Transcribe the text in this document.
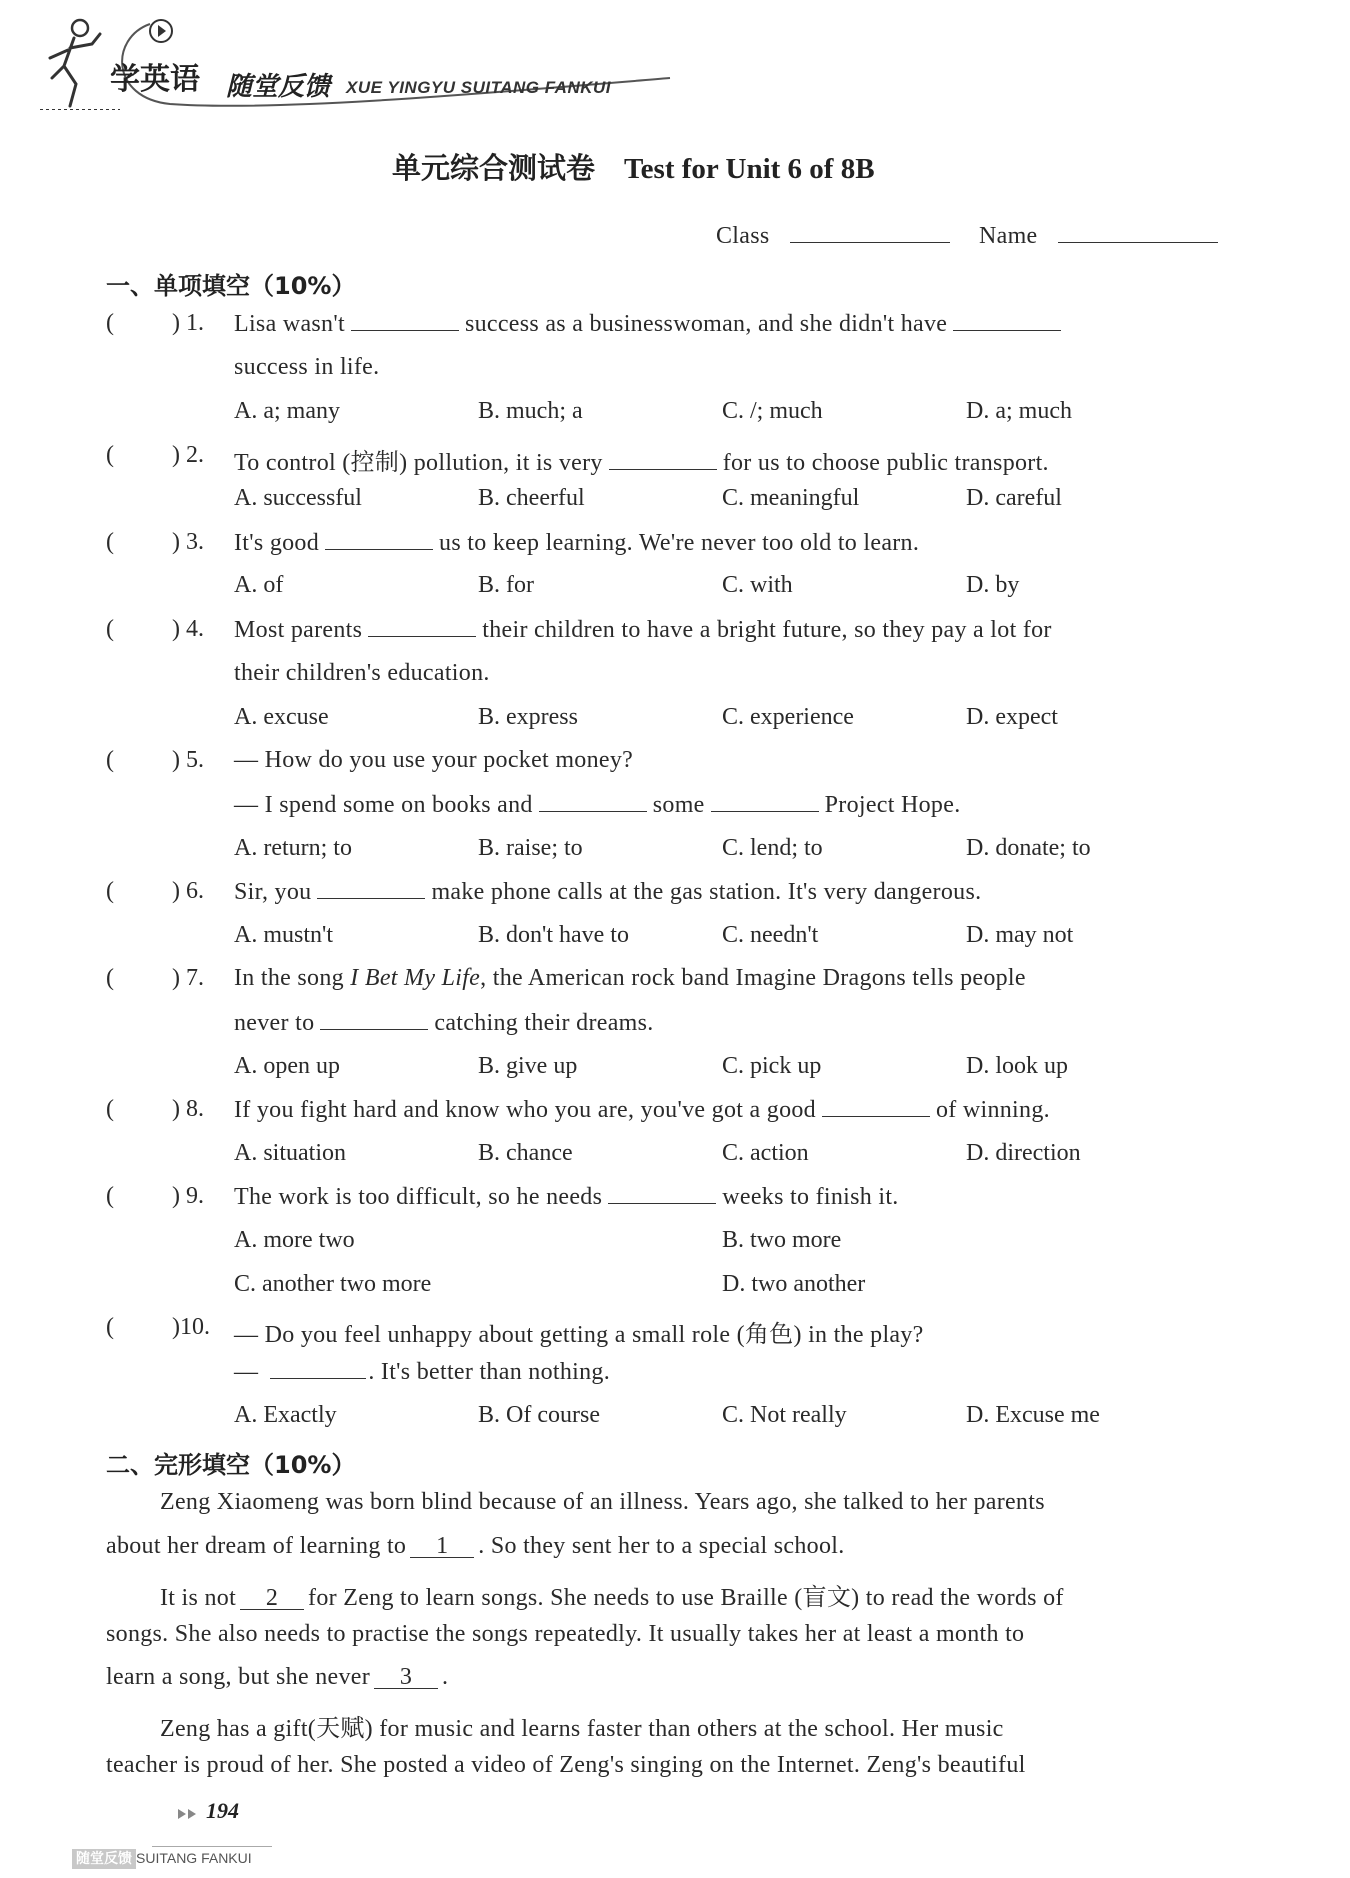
学英语 随堂反馈 XUE YINGYU SUITANG FANKUI
单元综合测试卷　Test for Unit 6 of 8B
Class	Name
一、单项填空（10%）
( ) 1. Lisa wasn't	success as a businesswoman, and she didn't have
success in life.
A. a; many	B. much; a	C. /; much	D. a; much
( ) 2. To control (控制) pollution, it is very	for us to choose public transport.
A. successful	B. cheerful	C. meaningful	D. careful
( ) 3. It's good	us to keep learning. We're never too old to learn.
A. of	B. for	C. with	D. by
( ) 4. Most parents	their children to have a bright future, so they pay a lot for
their children's education.
A. excuse	B. express	C. experience	D. expect
( ) 5. — How do you use your pocket money?
— I spend some on books and	some	Project Hope.
A. return; to	B. raise; to	C. lend; to	D. donate; to
( ) 6. Sir, you	make phone calls at the gas station. It's very dangerous.
A. mustn't	B. don't have to	C. needn't	D. may not
( ) 7. In the song I Bet My Life, the American rock band Imagine Dragons tells people
never to	catching their dreams.
A. open up	B. give up	C. pick up	D. look up
( ) 8. If you fight hard and know who you are, you've got a good	of winning.
A. situation	B. chance	C. action	D. direction
( ) 9. The work is too difficult, so he needs	weeks to finish it.
A. more two	B. two more
C. another two more	D. two another
( )10. — Do you feel unhappy about getting a small role (角色) in the play?
—	. It's better than nothing.
A. Exactly	B. Of course	C. Not really	D. Excuse me
二、完形填空（10%）
Zeng Xiaomeng was born blind because of an illness. Years ago, she talked to her parents
about her dream of learning to 1 . So they sent her to a special school.
It is not 2 for Zeng to learn songs. She needs to use Braille (盲文) to read the words of
songs. She also needs to practise the songs repeatedly. It usually takes her at least a month to
learn a song, but she never 3 .
Zeng has a gift(天赋) for music and learns faster than others at the school. Her music
teacher is proud of her. She posted a video of Zeng's singing on the Internet. Zeng's beautiful
194
随堂反馈 SUITANG FANKUI
